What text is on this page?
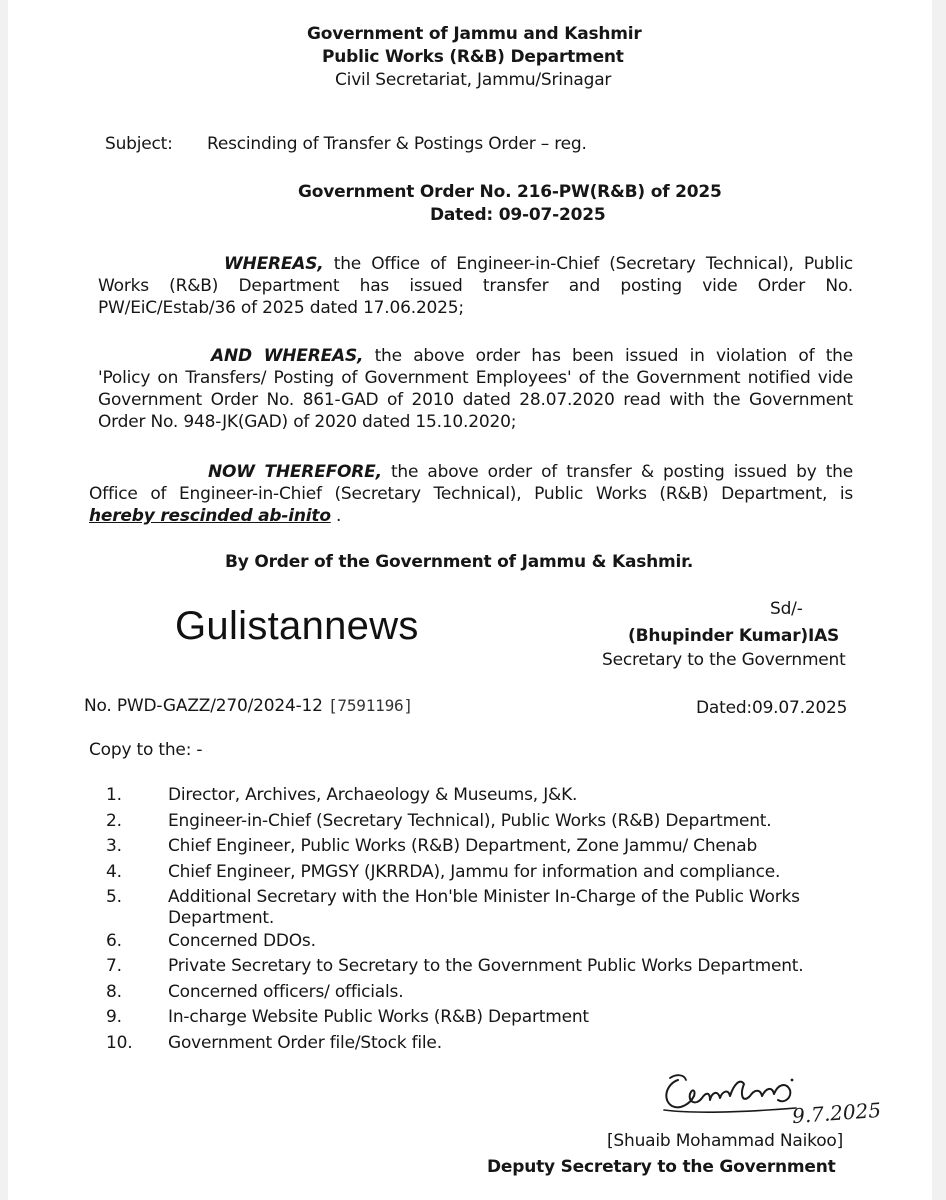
Government of Jammu and Kashmir
Public Works (R&B) Department
Civil Secretariat, Jammu/Srinagar
Subject: Rescinding of Transfer & Postings Order – reg.
Government Order No. 216-PW(R&B) of 2025
Dated: 09-07-2025
WHEREAS, the Office of Engineer-in-Chief (Secretary Technical), Public
Works (R&B) Department has issued transfer and posting vide Order No.
PW/EiC/Estab/36 of 2025 dated 17.06.2025;
AND WHEREAS, the above order has been issued in violation of the
'Policy on Transfers/ Posting of Government Employees' of the Government notified vide
Government Order No. 861-GAD of 2010 dated 28.07.2020 read with the Government
Order No. 948-JK(GAD) of 2020 dated 15.10.2020;
NOW THEREFORE, the above order of transfer & posting issued by the
Office of Engineer-in-Chief (Secretary Technical), Public Works (R&B) Department, is
hereby rescinded ab-inito .
By Order of the Government of Jammu & Kashmir.
Gulistannews	Sd/-
(Bhupinder Kumar)IAS
Secretary to the Government
No. PWD-GAZZ/270/2024-12 [7591196]	Dated:09.07.2025
Copy to the: -
1.	Director, Archives, Archaeology & Museums, J&K.
2.	Engineer-in-Chief (Secretary Technical), Public Works (R&B) Department.
3.	Chief Engineer, Public Works (R&B) Department, Zone Jammu/ Chenab
4.	Chief Engineer, PMGSY (JKRRDA), Jammu for information and compliance.
5.	Additional Secretary with the Hon'ble Minister In-Charge of the Public Works
Department.
6.	Concerned DDOs.
7.	Private Secretary to Secretary to the Government Public Works Department.
8.	Concerned officers/ officials.
9.	In-charge Website Public Works (R&B) Department
10.	Government Order file/Stock file.
9.7.2025
[Shuaib Mohammad Naikoo]
Deputy Secretary to the Government
